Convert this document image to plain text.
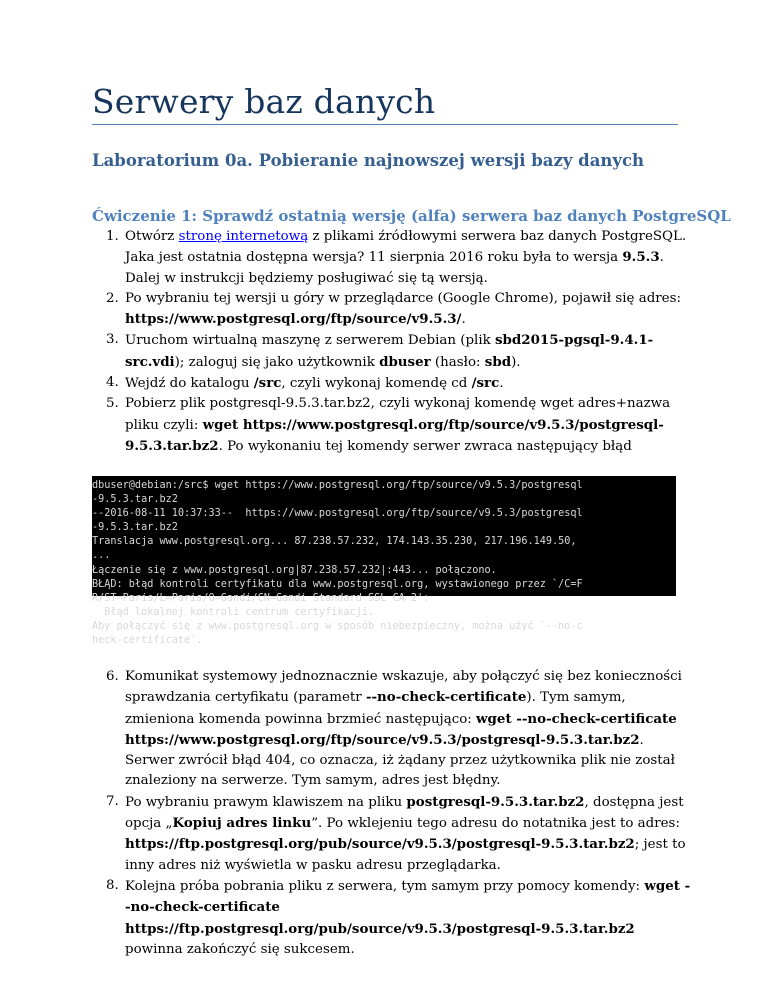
Serwery baz danych
Laboratorium 0a. Pobieranie najnowszej wersji bazy danych
Ćwiczenie 1: Sprawdź ostatnią wersję (alfa) serwera baz danych PostgreSQL
1. Otwórz stronę internetową z plikami źródłowymi serwera baz danych PostgreSQL. Jaka jest ostatnia dostępna wersja? 11 sierpnia 2016 roku była to wersja 9.5.3. Dalej w instrukcji będziemy posługiwać się tą wersją.
2. Po wybraniu tej wersji u góry w przeglądarce (Google Chrome), pojawił się adres: https://www.postgresql.org/ftp/source/v9.5.3/.
3. Uruchom wirtualną maszynę z serwerem Debian (plik sbd2015-pgsql-9.4.1-src.vdi); zaloguj się jako użytkownik dbuser (hasło: sbd).
4. Wejdź do katalogu /src, czyli wykonaj komendę cd /src.
5. Pobierz plik postgresql-9.5.3.tar.bz2, czyli wykonaj komendę wget adres+nazwa pliku czyli: wget https://www.postgresql.org/ftp/source/v9.5.3/postgresql-9.5.3.tar.bz2. Po wykonaniu tej komendy serwer zwraca następujący błąd
dbuser@debian:/src$ wget https://www.postgresql.org/ftp/source/v9.5.3/postgresql
-9.5.3.tar.bz2
--2016-08-11 10:37:33--  https://www.postgresql.org/ftp/source/v9.5.3/postgresql
-9.5.3.tar.bz2
Translacja www.postgresql.org... 87.238.57.232, 174.143.35.230, 217.196.149.50,
...
Łączenie się z www.postgresql.org|87.238.57.232|:443... połączono.
BŁĄD: błąd kontroli certyfikatu dla www.postgresql.org, wystawionego przez `/C=F
R/ST=Paris/L=Paris/O=Gandi/CN=Gandi Standard SSL CA 2':
Błąd lokalnej kontroli centrum certyfikacji.
Aby połączyć się z www.postgresql.org w sposób niebezpieczny, można użyć `--no-c
heck-certificate'.
6. Komunikat systemowy jednoznacznie wskazuje, aby połączyć się bez konieczności sprawdzania certyfikatu (parametr --no-check-certificate). Tym samym, zmieniona komenda powinna brzmieć następująco: wget --no-check-certificate https://www.postgresql.org/ftp/source/v9.5.3/postgresql-9.5.3.tar.bz2. Serwer zwrócił błąd 404, co oznacza, iż żądany przez użytkownika plik nie został znaleziony na serwerze. Tym samym, adres jest błędny.
7. Po wybraniu prawym klawiszem na pliku postgresql-9.5.3.tar.bz2, dostępna jest opcja „Kopiuj adres linku”. Po wklejeniu tego adresu do notatnika jest to adres: https://ftp.postgresql.org/pub/source/v9.5.3/postgresql-9.5.3.tar.bz2; jest to inny adres niż wyświetla w pasku adresu przeglądarka.
8. Kolejna próba pobrania pliku z serwera, tym samym przy pomocy komendy: wget --no-check-certificate https://ftp.postgresql.org/pub/source/v9.5.3/postgresql-9.5.3.tar.bz2 powinna zakończyć się sukcesem.
